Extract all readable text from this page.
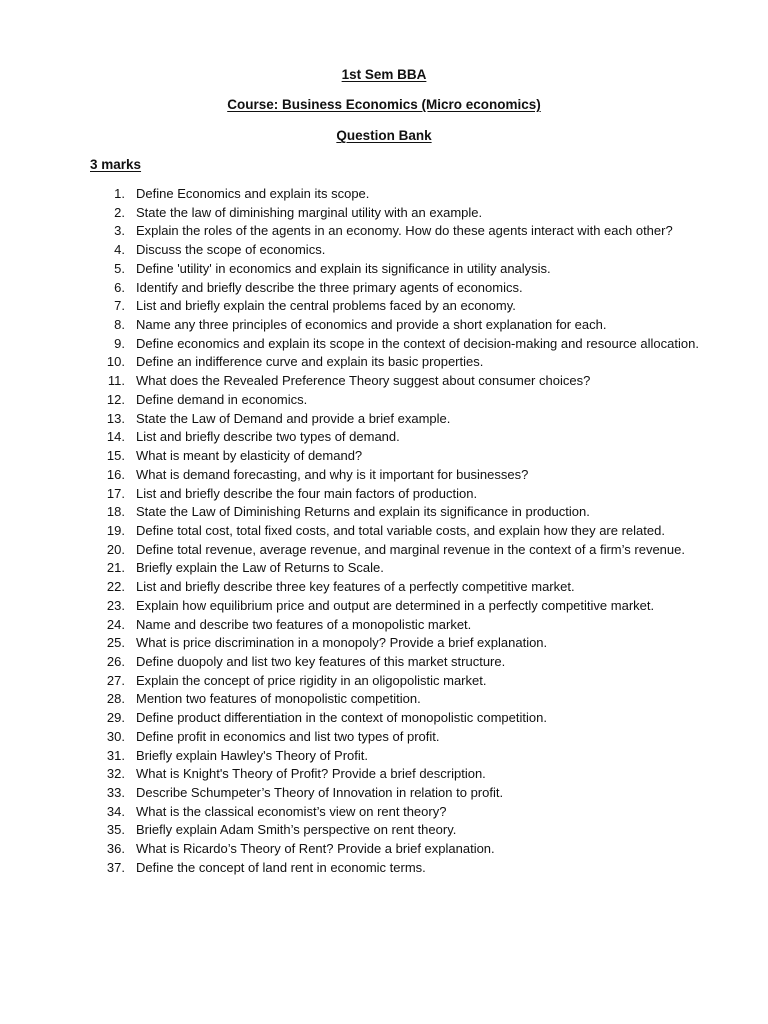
1st Sem BBA

Course: Business Economics (Micro economics)

Question Bank

3 marks

1. Define Economics and explain its scope.
2. State the law of diminishing marginal utility with an example.
3. Explain the roles of the agents in an economy. How do these agents interact with each other?
4. Discuss the scope of economics.
5. Define 'utility' in economics and explain its significance in utility analysis.
6. Identify and briefly describe the three primary agents of economics.
7. List and briefly explain the central problems faced by an economy.
8. Name any three principles of economics and provide a short explanation for each.
9. Define economics and explain its scope in the context of decision-making and resource allocation.
10. Define an indifference curve and explain its basic properties.
11. What does the Revealed Preference Theory suggest about consumer choices?
12. Define demand in economics.
13. State the Law of Demand and provide a brief example.
14. List and briefly describe two types of demand.
15. What is meant by elasticity of demand?
16. What is demand forecasting, and why is it important for businesses?
17. List and briefly describe the four main factors of production.
18. State the Law of Diminishing Returns and explain its significance in production.
19. Define total cost, total fixed costs, and total variable costs, and explain how they are related.
20. Define total revenue, average revenue, and marginal revenue in the context of a firm’s revenue.
21. Briefly explain the Law of Returns to Scale.
22. List and briefly describe three key features of a perfectly competitive market.
23. Explain how equilibrium price and output are determined in a perfectly competitive market.
24. Name and describe two features of a monopolistic market.
25. What is price discrimination in a monopoly? Provide a brief explanation.
26. Define duopoly and list two key features of this market structure.
27. Explain the concept of price rigidity in an oligopolistic market.
28. Mention two features of monopolistic competition.
29. Define product differentiation in the context of monopolistic competition.
30. Define profit in economics and list two types of profit.
31. Briefly explain Hawley's Theory of Profit.
32. What is Knight's Theory of Profit? Provide a brief description.
33. Describe Schumpeter’s Theory of Innovation in relation to profit.
34. What is the classical economist’s view on rent theory?
35. Briefly explain Adam Smith’s perspective on rent theory.
36. What is Ricardo’s Theory of Rent? Provide a brief explanation.
37. Define the concept of land rent in economic terms.
